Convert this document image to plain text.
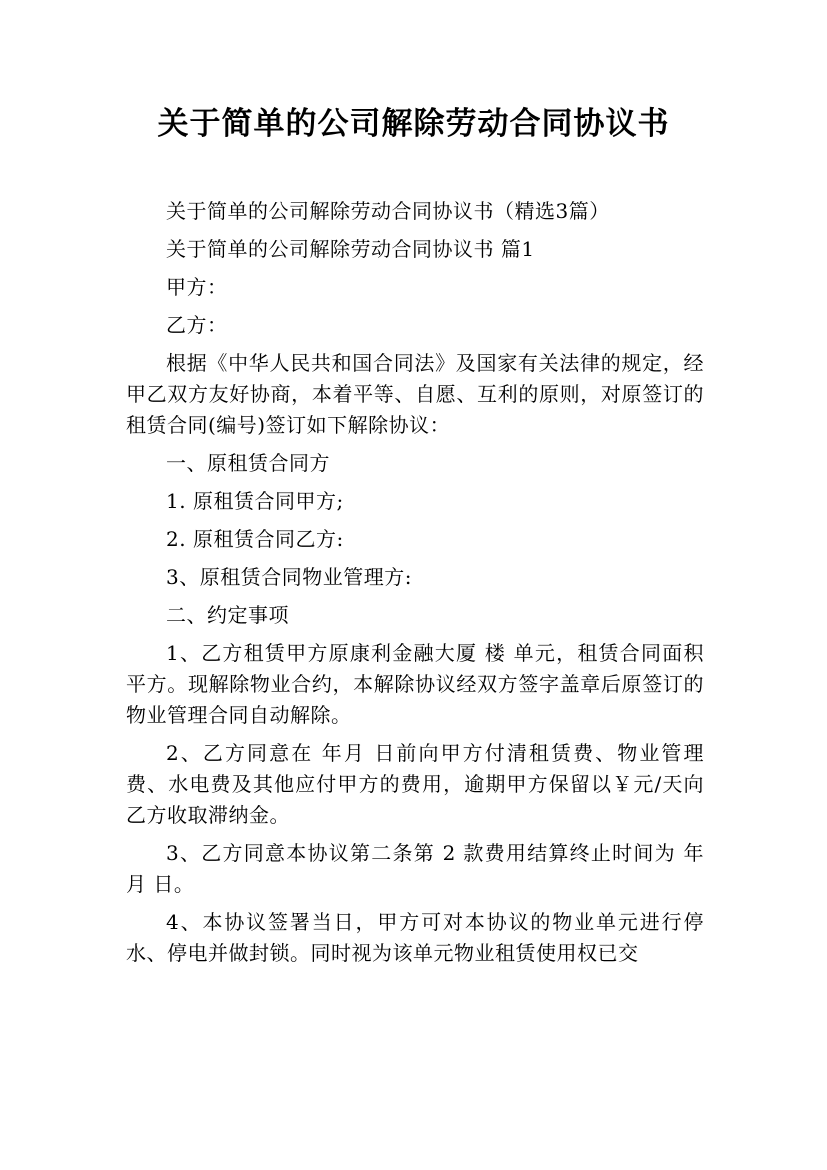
关于简单的公司解除劳动合同协议书

关于简单的公司解除劳动合同协议书（精选3篇）

关于简单的公司解除劳动合同协议书 篇1

甲方：

乙方：

根据《中华人民共和国合同法》及国家有关法律的规定，经甲乙双方友好协商，本着平等、自愿、互利的原则，对原签订的租赁合同(编号)签订如下解除协议：

一、原租赁合同方

1. 原租赁合同甲方;

2. 原租赁合同乙方:

3、原租赁合同物业管理方:

二、约定事项

1、乙方租赁甲方原康利金融大厦 楼 单元，租赁合同面积平方。现解除物业合约，本解除协议经双方签字盖章后原签订的物业管理合同自动解除。

2、乙方同意在 年月 日前向甲方付清租赁费、物业管理费、水电费及其他应付甲方的费用，逾期甲方保留以￥元/天向乙方收取滞纳金。

3、乙方同意本协议第二条第 2 款费用结算终止时间为 年 月 日。

4、本协议签署当日，甲方可对本协议的物业单元进行停水、停电并做封锁。同时视为该单元物业租赁使用权已交
